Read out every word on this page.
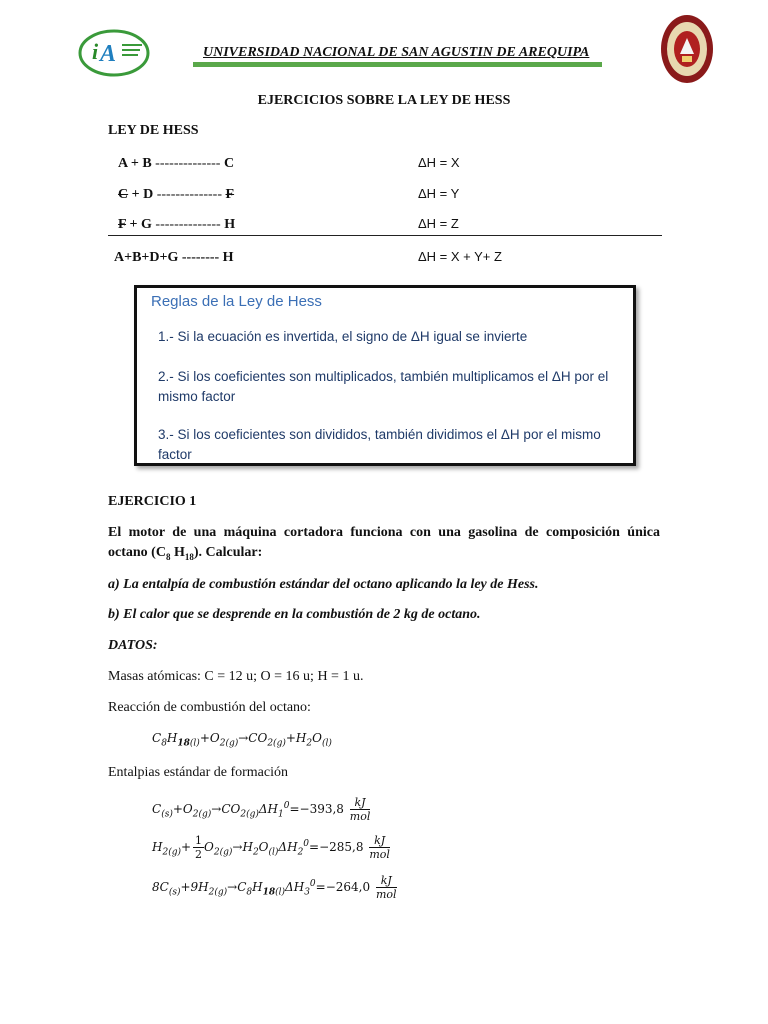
i A	UNIVERSIDAD NACIONAL DE SAN AGUSTIN DE AREQUIPA
EJERCICIOS SOBRE LA LEY DE HESS
LEY DE HESS
A + B -------------- C	ΔH = X
C + D -------------- F	ΔH = Y
F + G -------------- H	ΔH = Z
A+B+D+G -------- H	ΔH = X + Y+ Z
Reglas de la Ley de Hess
1.- Si la ecuación es invertida, el signo de ΔH igual se invierte
2.- Si los coeficientes son multiplicados, también multiplicamos el ΔH por el mismo factor
3.- Si los coeficientes son divididos, también dividimos el ΔH por el mismo factor
EJERCICIO 1
El motor de una máquina cortadora funciona con una gasolina de composición única
octano ($C_8$ $H_{18}$). Calcular:
a) La entalpía de combustión estándar del octano aplicando la ley de Hess.
b) El calor que se desprende en la combustión de 2 kg de octano.
DATOS:
Masas atómicas: C = 12 u; O = 16 u; H = 1 u.
Reacción de combustión del octano:
$C_8H_{18(l)}+O_{2(g)}\to CO_{2(g)}+H_2O_{(l)}$
Entalpias estándar de formación
$C_{(s)}+O_{2(g)}\to CO_{2(g)}\Delta H_1^0=-393,8 \frac{kJ}{\text{mol}}$
$H_{2(g)}+ \frac{1}{2} O_{2(g)}\to H_2O_{(l)}\Delta H_2^0=-285,8 \frac{kJ}{\text{mol}}$
$8C_{(s)}+9H_{2(g)}\to C_8H_{18(l)}\Delta H_3^0=-264,0 \frac{kJ}{\text{mol}}$
